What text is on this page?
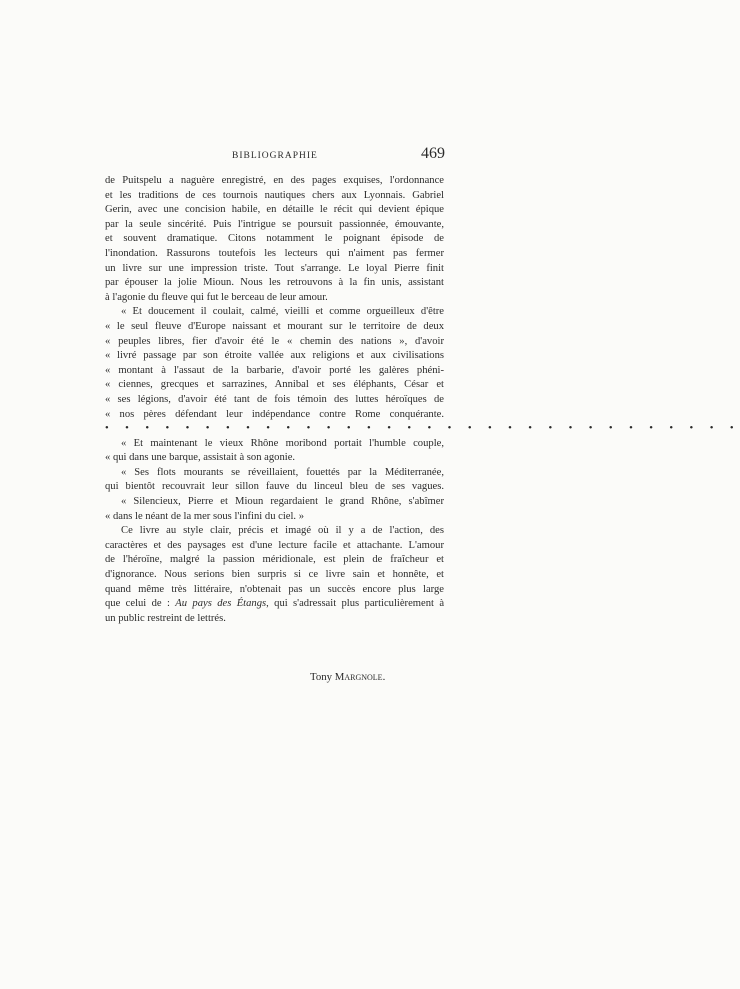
BIBLIOGRAPHIE	469
de Puitspelu a naguère enregistré, en des pages exquises, l'ordonnance
et les traditions de ces tournois nautiques chers aux Lyonnais. Gabriel
Gerin, avec une concision habile, en détaille le récit qui devient épique
par la seule sincérité. Puis l'intrigue se poursuit passionnée, émouvante,
et souvent dramatique. Citons notamment le poignant épisode de
l'inondation. Rassurons toutefois les lecteurs qui n'aiment pas fermer
un livre sur une impression triste. Tout s'arrange. Le loyal Pierre finit
par épouser la jolie Mioun. Nous les retrouvons à la fin unis, assistant
à l'agonie du fleuve qui fut le berceau de leur amour.
« Et doucement il coulait, calmé, vieilli et comme orgueilleux d'être
« le seul fleuve d'Europe naissant et mourant sur le territoire de deux
« peuples libres, fier d'avoir été le « chemin des nations », d'avoir
« livré passage par son étroite vallée aux religions et aux civilisations
« montant à l'assaut de la barbarie, d'avoir porté les galères phéni-
« ciennes, grecques et sarrazines, Annibal et ses éléphants, César et
« ses légions, d'avoir été tant de fois témoin des luttes héroïques de
« nos pères défendant leur indépendance contre Rome conquérante.
• • • • • • • • • • • • • • • • • • • • • • • • • • • • • • • •
« Et maintenant le vieux Rhône moribond portait l'humble couple,
« qui dans une barque, assistait à son agonie.
« Ses flots mourants se réveillaient, fouettés par la Méditerranée,
qui bientôt recouvrait leur sillon fauve du linceul bleu de ses vagues.
« Silencieux, Pierre et Mioun regardaient le grand Rhône, s'abîmer
« dans le néant de la mer sous l'infini du ciel. »
Ce livre au style clair, précis et imagé où il y a de l'action, des
caractères et des paysages est d'une lecture facile et attachante. L'amour
de l'héroïne, malgré la passion méridionale, est plein de fraîcheur et
d'ignorance. Nous serions bien surpris si ce livre sain et honnête, et
quand même très littéraire, n'obtenait pas un succès encore plus large
que celui de : Au pays des Étangs, qui s'adressait plus particulièrement à
un public restreint de lettrés.
Tony Margnole.
